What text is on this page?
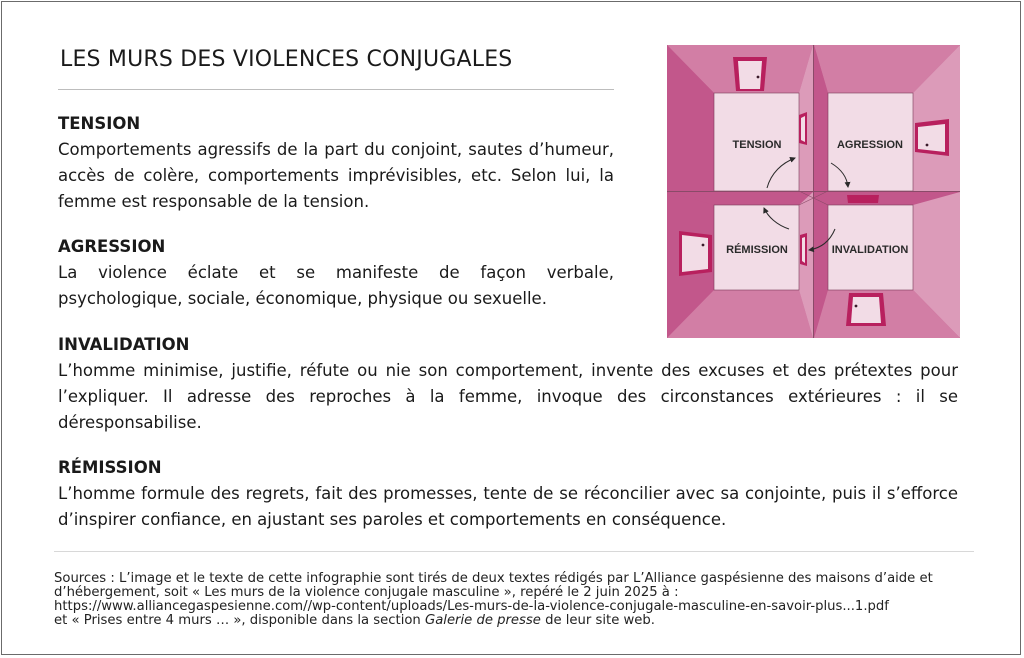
LES MURS DES VIOLENCES CONJUGALES
TENSION

Comportements agressifs de la part du conjoint, sautes d’humeur, accès de colère, comportements imprévisibles, etc. Selon lui, la femme est responsable de la tension.

AGRESSION

La violence éclate et se manifeste de façon verbale, psychologique, sociale, économique, physique ou sexuelle.

INVALIDATION

L’homme minimise, justifie, réfute ou nie son comportement, invente des excuses et des prétextes pour l’expliquer. Il adresse des reproches à la femme, invoque des circonstances extérieures : il se déresponsabilise.

RÉMISSION

L’homme formule des regrets, fait des promesses, tente de se réconcilier avec sa conjointe, puis il s’efforce d’inspirer confiance, en ajustant ses paroles et comportements en conséquence.

TENSION	AGRESSION
RÉMISSION	INVALIDATION
Sources : L’image et le texte de cette infographie sont tirés de deux textes rédigés par L’Alliance gaspésienne des maisons d’aide et d’hébergement, soit « Les murs de la violence conjugale masculine », repéré le 2 juin 2025 à :
https://www.alliancegaspesienne.com//wp-content/uploads/Les-murs-de-la-violence-conjugale-masculine-en-savoir-plus...1.pdf
et « Prises entre 4 murs … », disponible dans la section Galerie de presse de leur site web.
